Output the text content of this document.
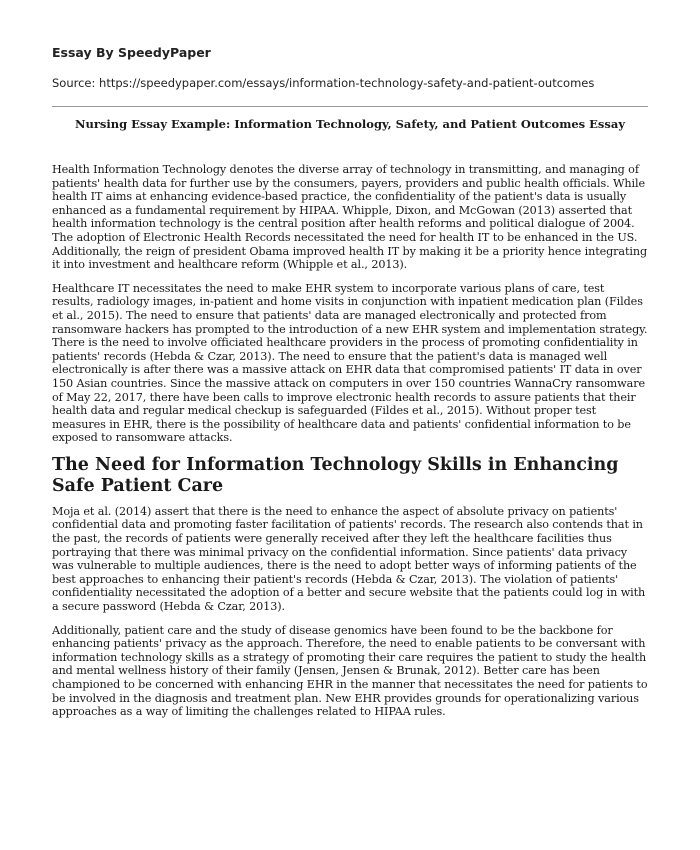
Essay By SpeedyPaper
Source: https://speedypaper.com/essays/information-technology-safety-and-patient-outcomes
Nursing Essay Example: Information Technology, Safety, and Patient Outcomes Essay

Health Information Technology denotes the diverse array of technology in transmitting, and managing of patients' health data for further use by the consumers, payers, providers and public health officials. While health IT aims at enhancing evidence-based practice, the confidentiality of the patient's data is usually enhanced as a fundamental requirement by HIPAA. Whipple, Dixon, and McGowan (2013) asserted that health information technology is the central position after health reforms and political dialogue of 2004. The adoption of Electronic Health Records necessitated the need for health IT to be enhanced in the US. Additionally, the reign of president Obama improved health IT by making it be a priority hence integrating it into investment and healthcare reform (Whipple et al., 2013).

Healthcare IT necessitates the need to make EHR system to incorporate various plans of care, test results, radiology images, in-patient and home visits in conjunction with inpatient medication plan (Fildes et al., 2015). The need to ensure that patients' data are managed electronically and protected from ransomware hackers has prompted to the introduction of a new EHR system and implementation strategy. There is the need to involve officiated healthcare providers in the process of promoting confidentiality in patients' records (Hebda & Czar, 2013). The need to ensure that the patient's data is managed well electronically is after there was a massive attack on EHR data that compromised patients' IT data in over 150 Asian countries. Since the massive attack on computers in over 150 countries WannaCry ransomware of May 22, 2017, there have been calls to improve electronic health records to assure patients that their health data and regular medical checkup is safeguarded (Fildes et al., 2015). Without proper test measures in EHR, there is the possibility of healthcare data and patients' confidential information to be exposed to ransomware attacks.

The Need for Information Technology Skills in Enhancing Safe Patient Care

Moja et al. (2014) assert that there is the need to enhance the aspect of absolute privacy on patients' confidential data and promoting faster facilitation of patients' records. The research also contends that in the past, the records of patients were generally received after they left the healthcare facilities thus portraying that there was minimal privacy on the confidential information. Since patients' data privacy was vulnerable to multiple audiences, there is the need to adopt better ways of informing patients of the best approaches to enhancing their patient's records (Hebda & Czar, 2013). The violation of patients' confidentiality necessitated the adoption of a better and secure website that the patients could log in with a secure password (Hebda & Czar, 2013).

Additionally, patient care and the study of disease genomics have been found to be the backbone for enhancing patients' privacy as the approach. Therefore, the need to enable patients to be conversant with information technology skills as a strategy of promoting their care requires the patient to study the health and mental wellness history of their family (Jensen, Jensen & Brunak, 2012). Better care has been championed to be concerned with enhancing EHR in the manner that necessitates the need for patients to be involved in the diagnosis and treatment plan. New EHR provides grounds for operationalizing various approaches as a way of limiting the challenges related to HIPAA rules.
